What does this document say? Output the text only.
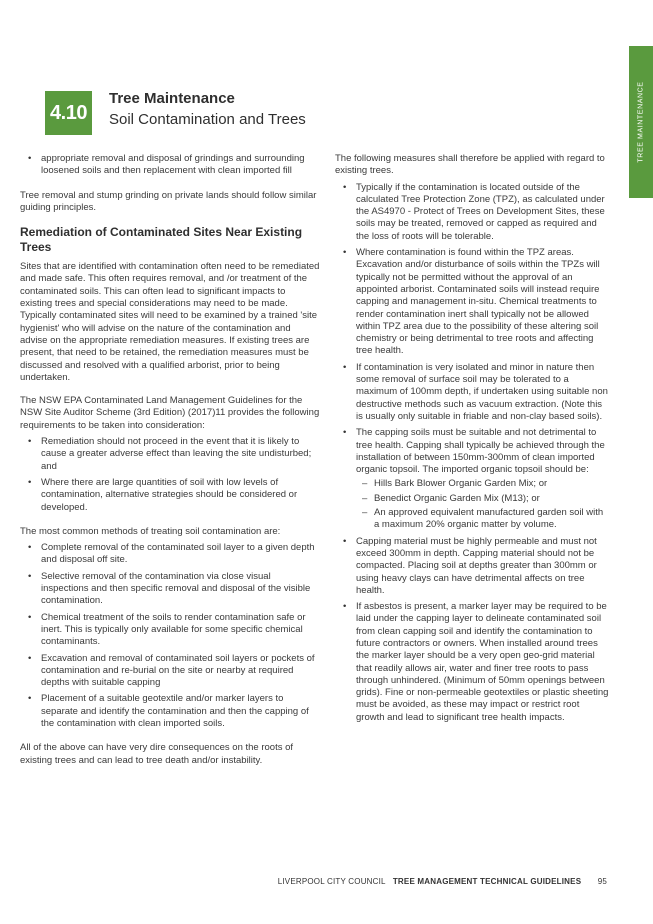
TREE MAINTENANCE
4.10
Tree Maintenance
Soil Contamination and Trees
• appropriate removal and disposal of grindings and surrounding loosened soils and then replacement with clean imported fill

Tree removal and stump grinding on private lands should follow similar guiding principles.

Remediation of Contaminated Sites Near Existing Trees

Sites that are identified with contamination often need to be remediated and made safe. This often requires removal, and /or treatment of the contaminated soils. This can often lead to significant impacts to existing trees and special considerations may need to be made. Typically contaminated sites will need to be examined by a trained 'site hygienist' who will advise on the nature of the contamination and advise on the appropriate remediation measures. If existing trees are present, that need to be retained, the remediation measures must be discussed and resolved with a qualified arborist, prior to being undertaken.

The NSW EPA Contaminated Land Management Guidelines for the NSW Site Auditor Scheme (3rd Edition) (2017)11 provides the following requirements to be taken into consideration:

• Remediation should not proceed in the event that it is likely to cause a greater adverse effect than leaving the site undisturbed; and
• Where there are large quantities of soil with low levels of contamination, alternative strategies should be considered or developed.

The most common methods of treating soil contamination are:

• Complete removal of the contaminated soil layer to a given depth and disposal off site.
• Selective removal of the contamination via close visual inspections and then specific removal and disposal of the visible contamination.
• Chemical treatment of the soils to render contamination safe or inert. This is typically only available for some specific chemical contaminants.
• Excavation and removal of contaminated soil layers or pockets of contamination and re-burial on the site or nearby at required depths with suitable capping
• Placement of a suitable geotextile and/or marker layers to separate and identify the contamination and then the capping of the contamination with clean imported soils.

All of the above can have very dire consequences on the roots of existing trees and can lead to tree death and/or instability.

The following measures shall therefore be applied with regard to existing trees.

• Typically if the contamination is located outside of the calculated Tree Protection Zone (TPZ), as calculated under the AS4970 - Protect of Trees on Development Sites, these soils may be treated, removed or capped as required and the loss of roots will be tolerable.
• Where contamination is found within the TPZ areas. Excavation and/or disturbance of soils within the TPZs will typically not be permitted without the approval of an appointed arborist. Contaminated soils will instead require capping and management in-situ. Chemical treatments to render contamination inert shall typically not be allowed within TPZ area due to the possibility of these altering soil chemistry or being detrimental to tree roots and affecting tree health.
• If contamination is very isolated and minor in nature then some removal of surface soil may be tolerated to a maximum of 100mm depth, if undertaken using suitable non destructive methods such as vacuum extraction. (Note this is usually only suitable in friable and non-clay based soils).
• The capping soils must be suitable and not detrimental to tree health. Capping shall typically be achieved through the installation of between 150mm-300mm of clean imported organic topsoil. The imported organic topsoil should be:
– Hills Bark Blower Organic Garden Mix; or
– Benedict Organic Garden Mix (M13); or
– An approved equivalent manufactured garden soil with a maximum 20% organic matter by volume.
• Capping material must be highly permeable and must not exceed 300mm in depth. Capping material should not be compacted. Placing soil at depths greater than 300mm or using heavy clays can have detrimental affects on tree health.
• If asbestos is present, a marker layer may be required to be laid under the capping layer to delineate contaminated soil from clean capping soil and identify the contamination to future contractors or owners. When installed around trees the marker layer should be a very open geo-grid material that readily allows air, water and finer tree roots to pass through unhindered. (Minimum of 50mm openings between grids). Fine or non-permeable geotextiles or plastic sheeting must be avoided, as these may impact or restrict root growth and lead to significant tree health impacts.
LIVERPOOL CITY COUNCIL TREE MANAGEMENT TECHNICAL GUIDELINES 95
